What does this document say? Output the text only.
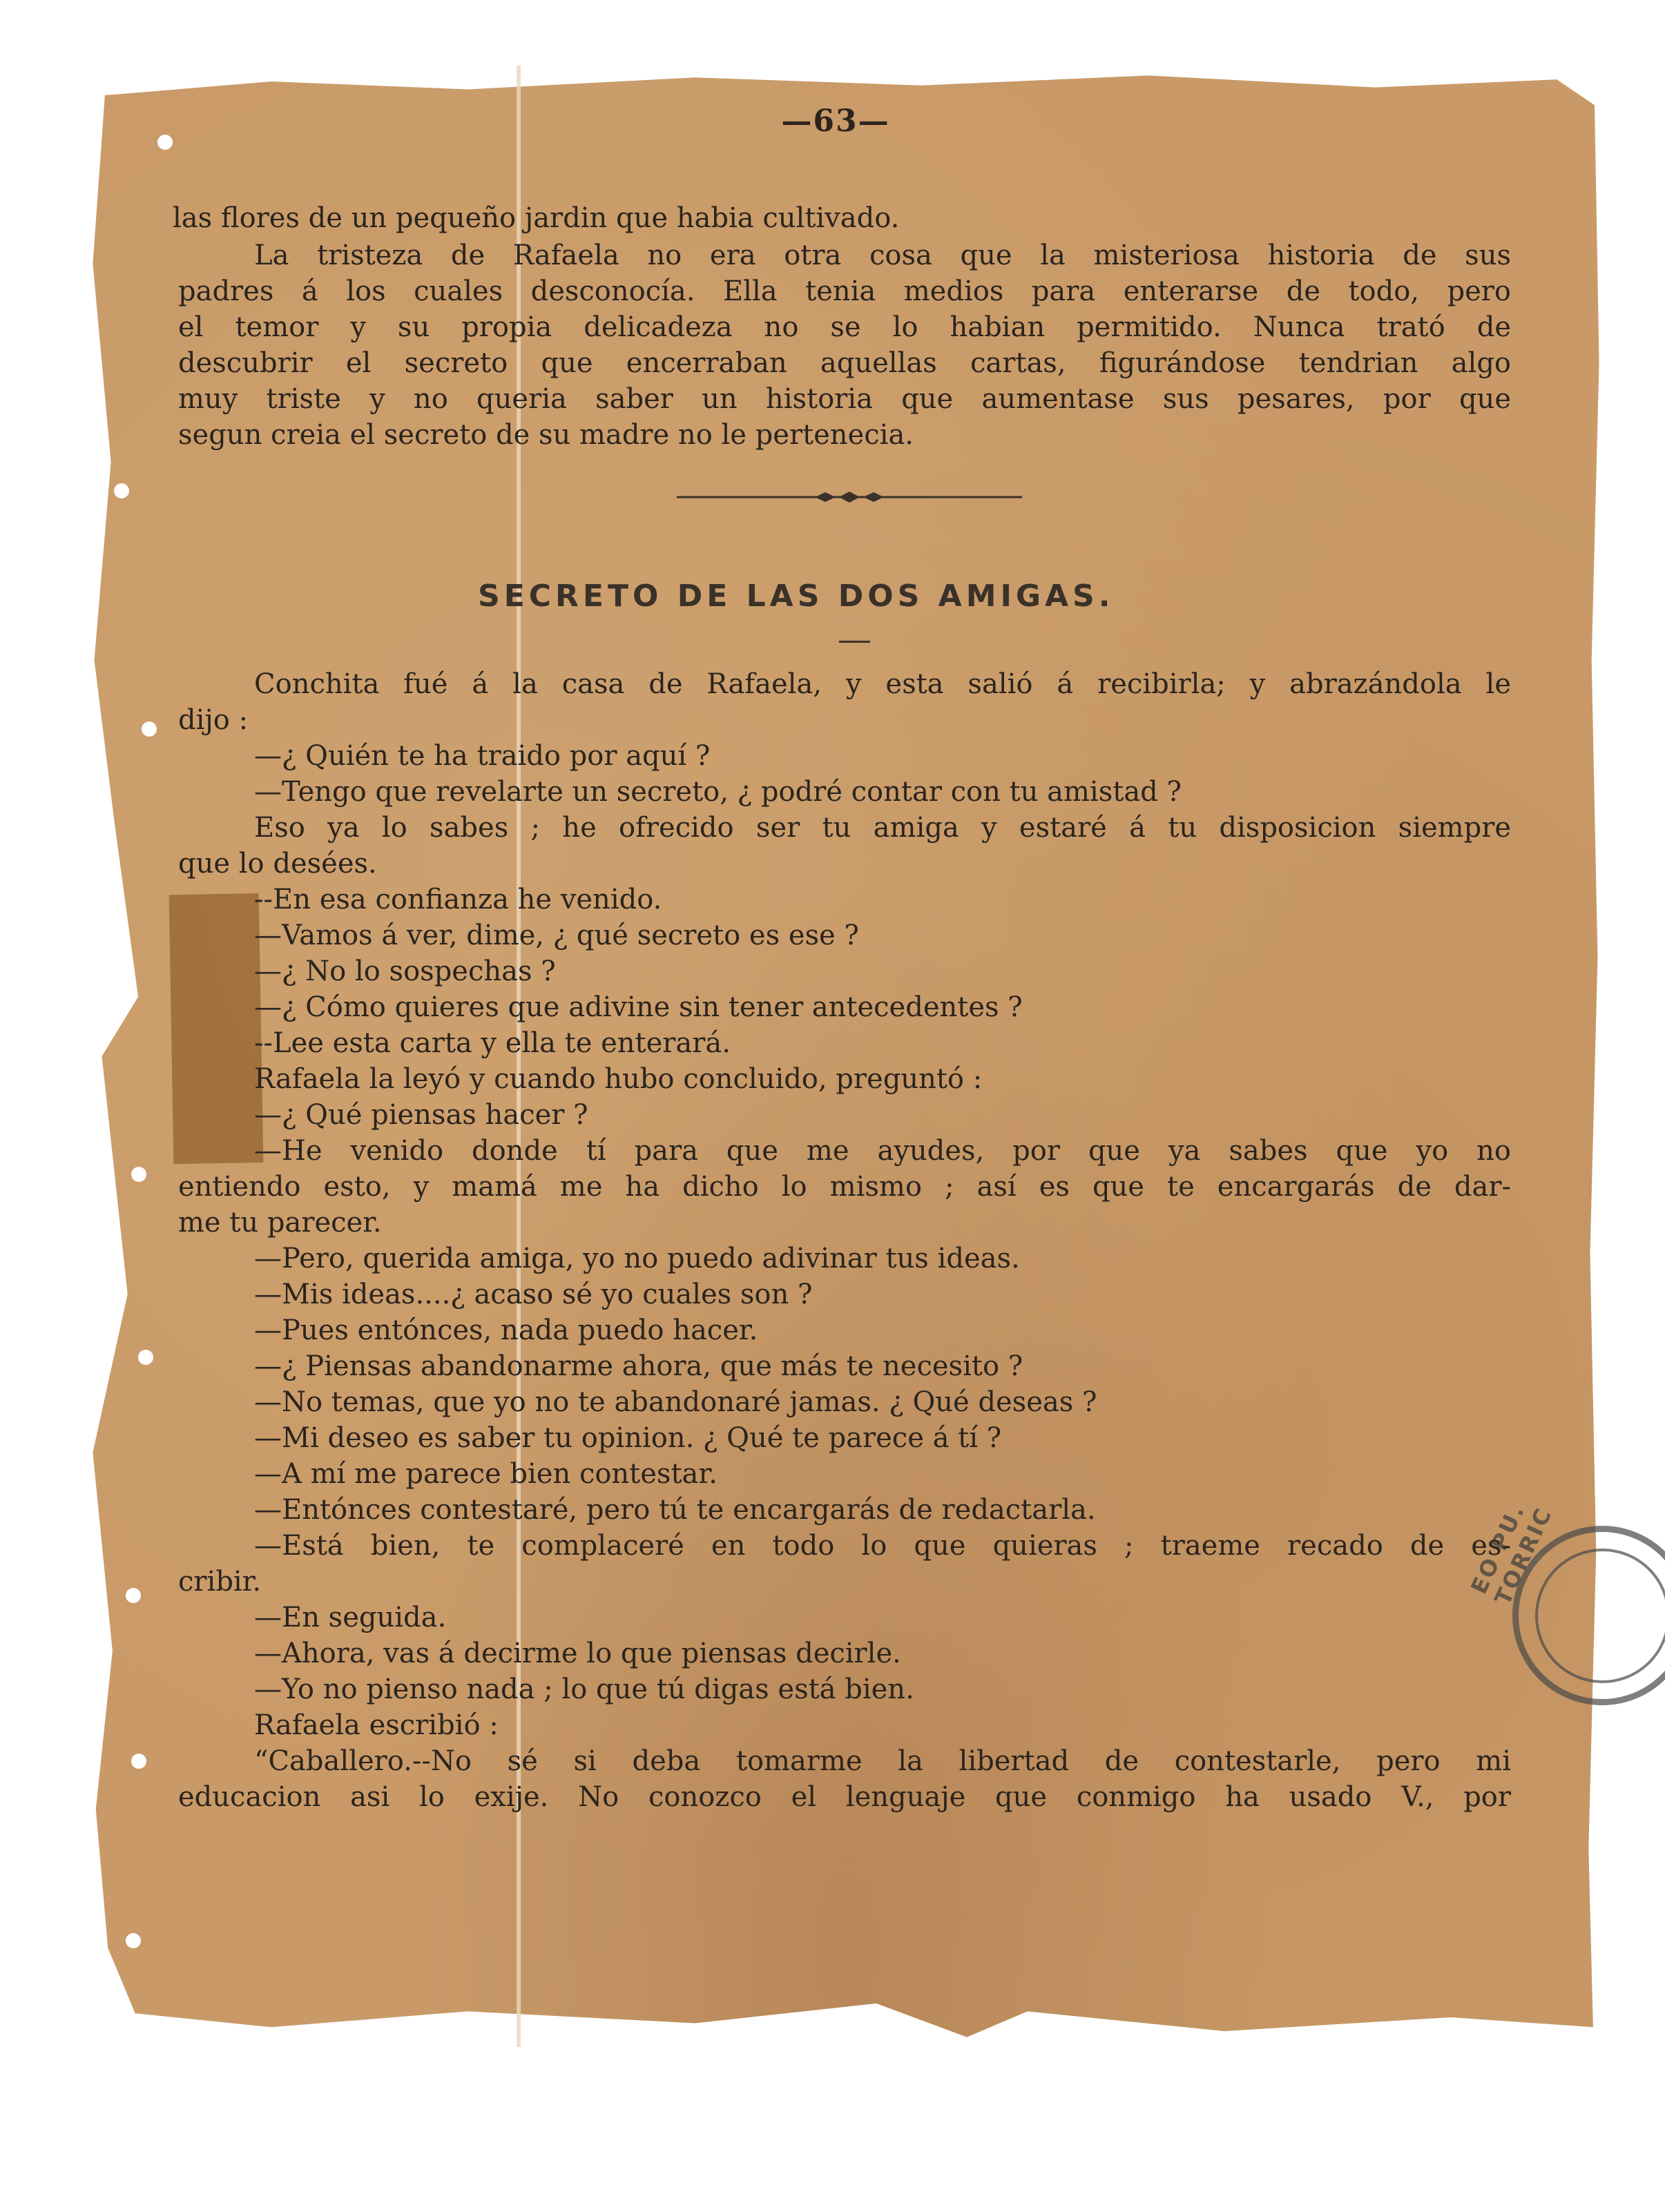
EO PU. TORRIC
—63—
las flores de un pequeño jardin que habia cultivado.
La tristeza de Rafaela no era otra cosa que la misteriosa historia de sus
padres á los cuales desconocía. Ella tenia medios para enterarse de todo, pero
el temor y su propia delicadeza no se lo habian permitido. Nunca trató de
descubrir el secreto que encerraban aquellas cartas, figurándose tendrian algo
muy triste y no queria saber un historia que aumentase sus pesares, por que
segun creia el secreto de su madre no le pertenecia.
SECRETO DE LAS DOS AMIGAS.
Conchita fué á la casa de Rafaela, y esta salió á recibirla; y abrazándola le
dijo :
—¿ Quién te ha traido por aquí ?
—Tengo que revelarte un secreto, ¿ podré contar con tu amistad ?
Eso ya lo sabes ; he ofrecido ser tu amiga y estaré á tu disposicion siempre
que lo desées.
--En esa confianza he venido.
—Vamos á ver, dime, ¿ qué secreto es ese ?
—¿ No lo sospechas ?
—¿ Cómo quieres que adivine sin tener antecedentes ?
--Lee esta carta y ella te enterará.
Rafaela la leyó y cuando hubo concluido, preguntó :
—¿ Qué piensas hacer ?
—He venido donde tí para que me ayudes, por que ya sabes que yo no
entiendo esto, y mamá me ha dicho lo mismo ; así es que te encargarás de dar-
me tu parecer.
—Pero, querida amiga, yo no puedo adivinar tus ideas.
—Mis ideas....¿ acaso sé yo cuales son ?
—Pues entónces, nada puedo hacer.
—¿ Piensas abandonarme ahora, que más te necesito ?
—No temas, que yo no te abandonaré jamas. ¿ Qué deseas ?
—Mi deseo es saber tu opinion. ¿ Qué te parece á tí ?
—A mí me parece bien contestar.
—Entónces contestaré, pero tú te encargarás de redactarla.
—Está bien, te complaceré en todo lo que quieras ; traeme recado de es-
cribir.
—En seguida.
—Ahora, vas á decirme lo que piensas decirle.
—Yo no pienso nada ; lo que tú digas está bien.
Rafaela escribió :
“Caballero.--No sé si deba tomarme la libertad de contestarle, pero mi
educacion asi lo exije. No conozco el lenguaje que conmigo ha usado V., por
